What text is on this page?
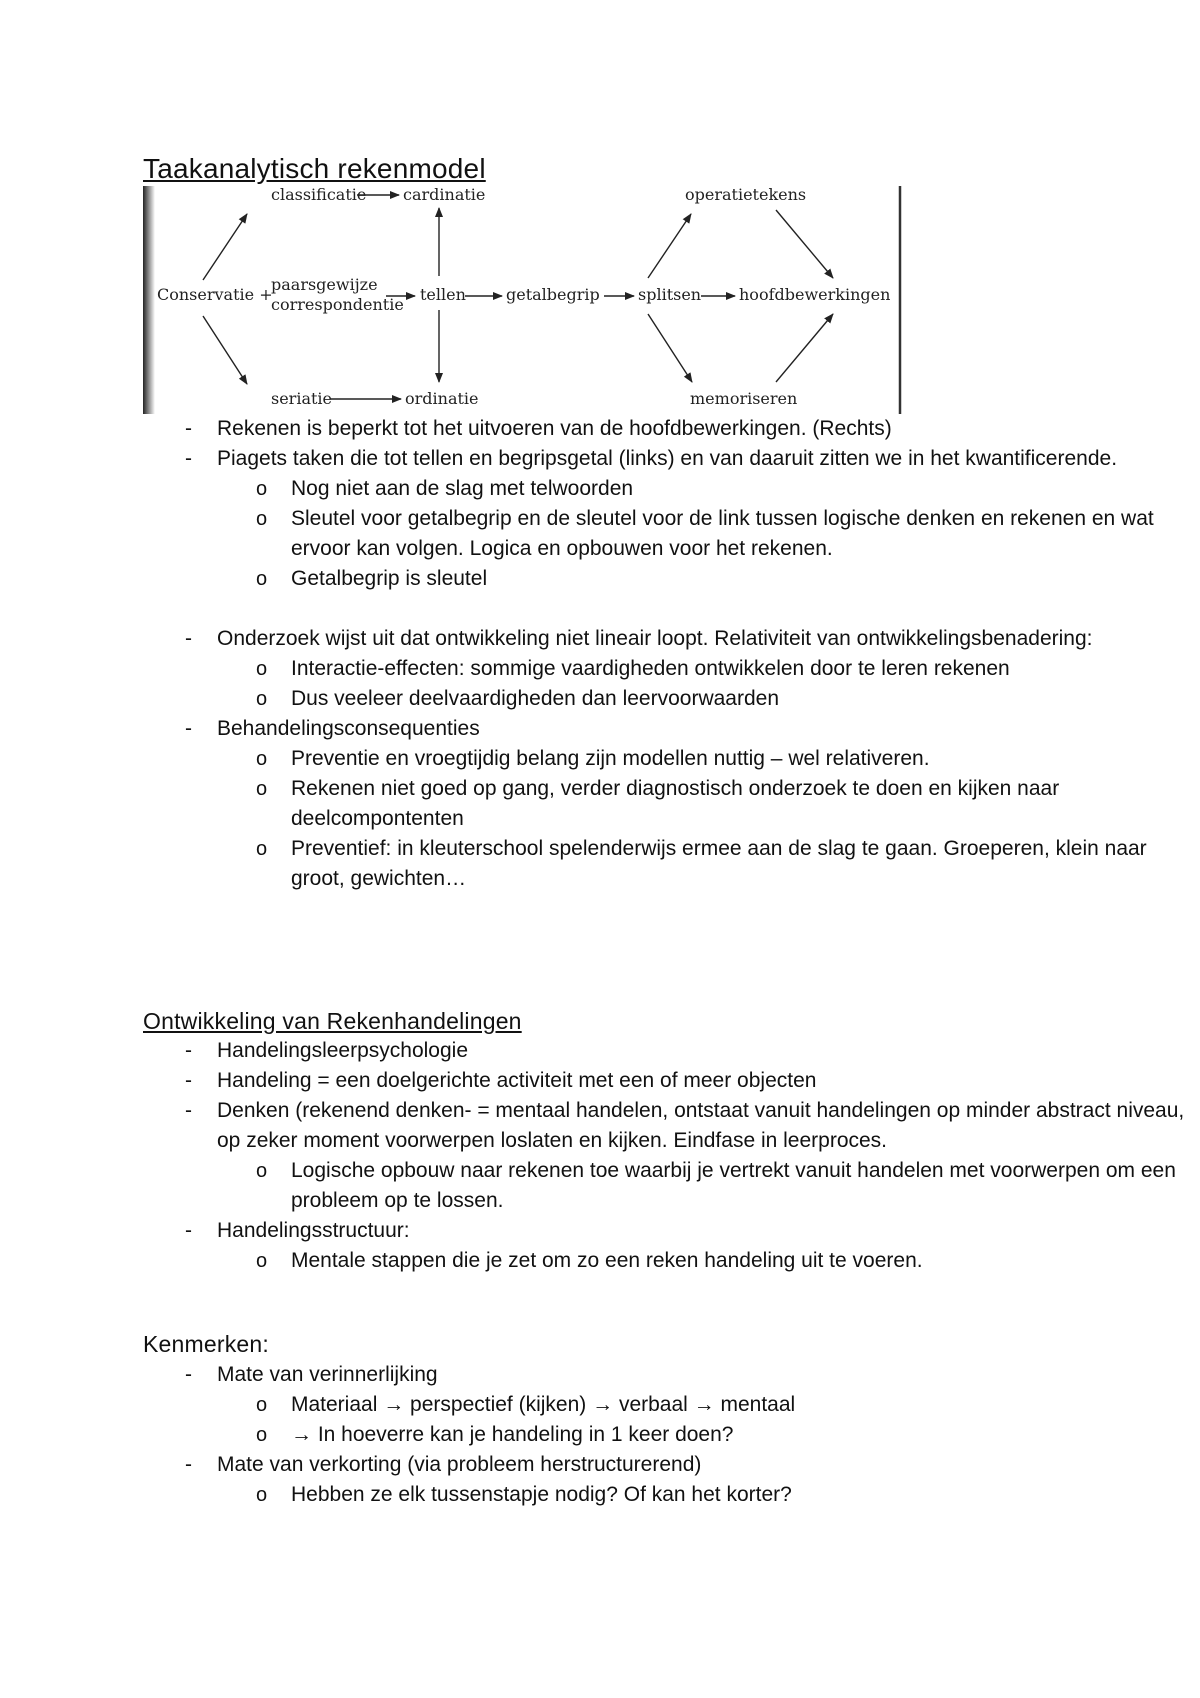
Taakanalytisch rekenmodel
classificatie cardinatie	operatietekens
Conservatie +
paarsgewijze
correspondentie
tellen	getalbegrip splitsen hoofdbewerkingen
seriatie	ordinatie	memoriseren
- Rekenen is beperkt tot het uitvoeren van de hoofdbewerkingen. (Rechts)
- Piagets taken die tot tellen en begripsgetal (links) en van daaruit zitten we in het kwantificerende.
o Nog niet aan de slag met telwoorden
o Sleutel voor getalbegrip en de sleutel voor de link tussen logische denken en rekenen en wat ervoor kan volgen. Logica en opbouwen voor het rekenen.
o Getalbegrip is sleutel
- Onderzoek wijst uit dat ontwikkeling niet lineair loopt. Relativiteit van ontwikkelingsbenadering:
o Interactie-effecten: sommige vaardigheden ontwikkelen door te leren rekenen
o Dus veeleer deelvaardigheden dan leervoorwaarden
- Behandelingsconsequenties
o Preventie en vroegtijdig belang zijn modellen nuttig – wel relativeren.
o Rekenen niet goed op gang, verder diagnostisch onderzoek te doen en kijken naar deelcompontenten
o Preventief: in kleuterschool spelenderwijs ermee aan de slag te gaan. Groeperen, klein naar groot, gewichten…
Ontwikkeling van Rekenhandelingen
- Handelingsleerpsychologie
- Handeling = een doelgerichte activiteit met een of meer objecten
- Denken (rekenend denken- = mentaal handelen, ontstaat vanuit handelingen op minder abstract niveau, op zeker moment voorwerpen loslaten en kijken. Eindfase in leerproces.
o Logische opbouw naar rekenen toe waarbij je vertrekt vanuit handelen met voorwerpen om een probleem op te lossen.
- Handelingsstructuur:
o Mentale stappen die je zet om zo een reken handeling uit te voeren.
Kenmerken:
- Mate van verinnerlijking
o Materiaal → perspectief (kijken) → verbaal → mentaal
o → In hoeverre kan je handeling in 1 keer doen?
- Mate van verkorting (via probleem herstructurerend)
o Hebben ze elk tussenstapje nodig? Of kan het korter?
